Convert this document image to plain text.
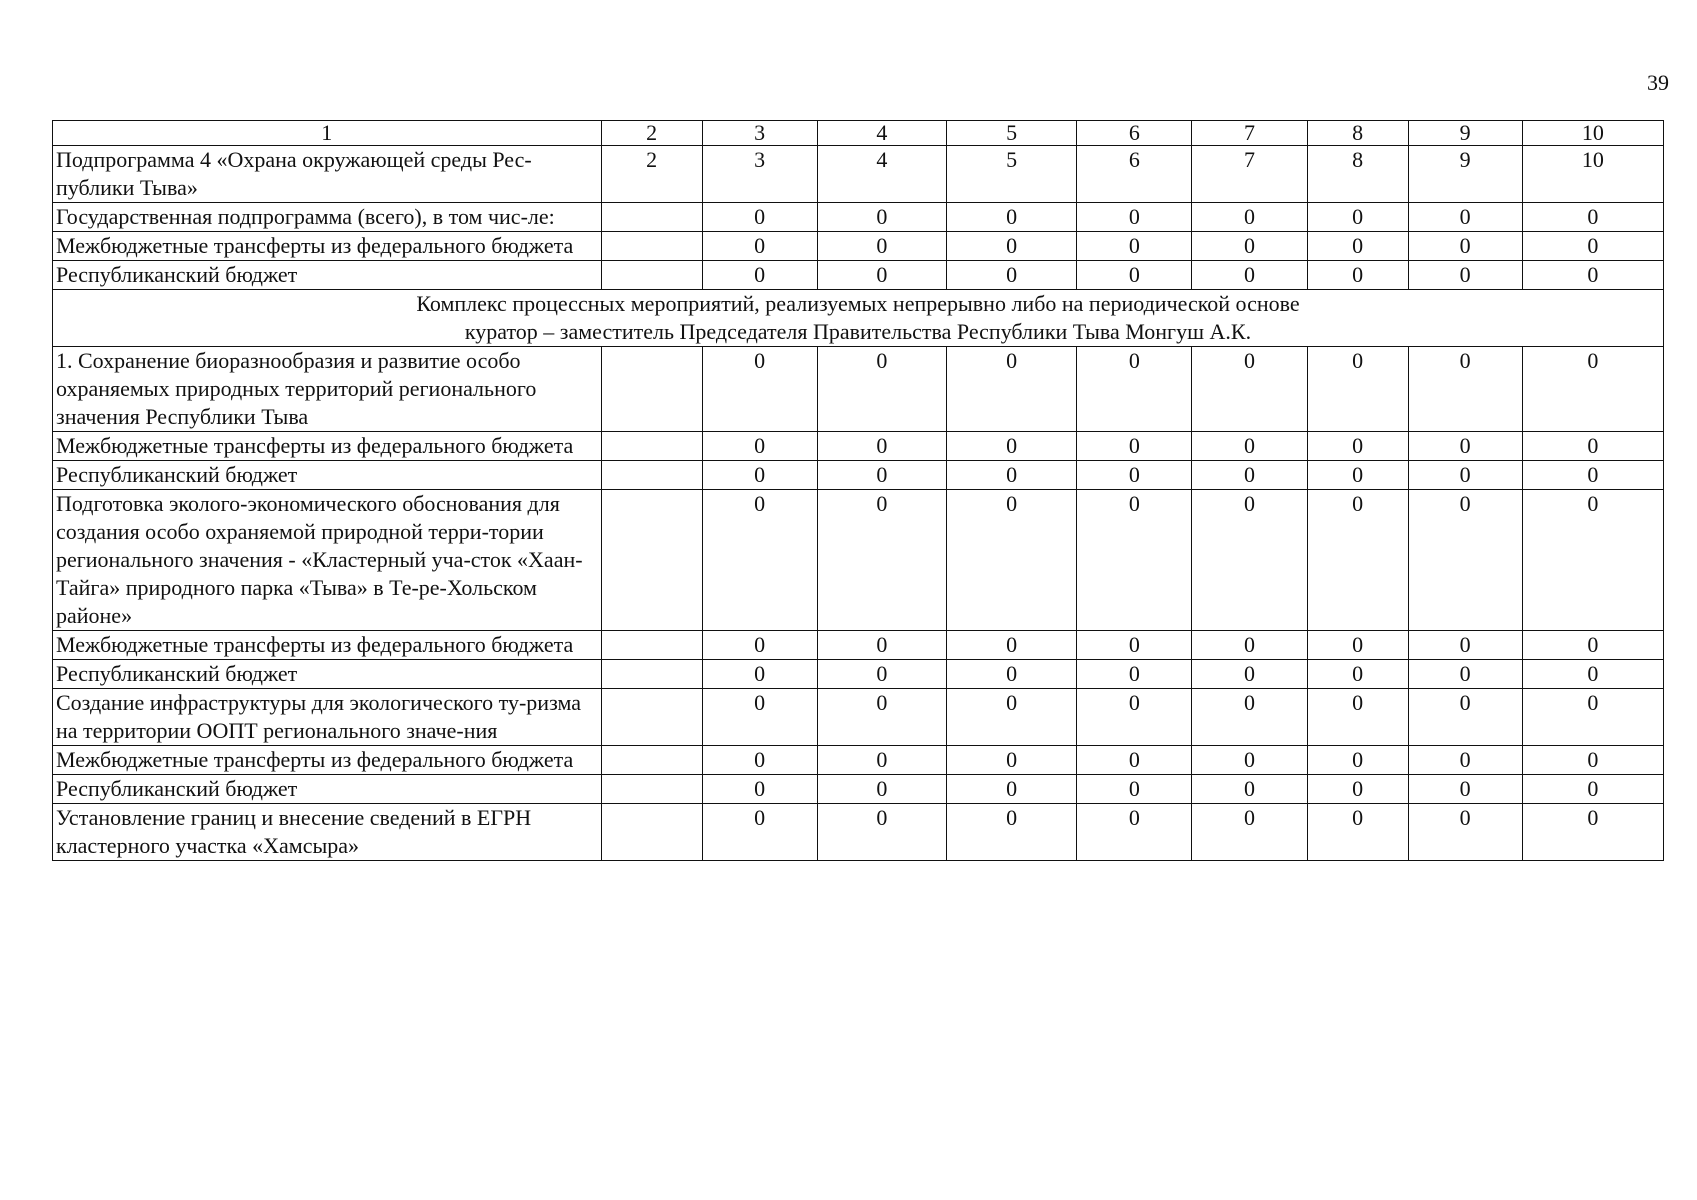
39
1	2	3	4	5	6	7	8	9	10
Подпрограмма 4 «Охрана окружающей среды Рес-публики Тыва»	2	3	4	5	6	7	8	9	10
Государственная подпрограмма (всего), в том чис-ле:		0	0	0	0	0	0	0	0
Межбюджетные трансферты из федерального бюджета		0	0	0	0	0	0	0	0
Республиканский бюджет		0	0	0	0	0	0	0	0

Комплекс процессных мероприятий, реализуемых непрерывно либо на периодической основе
куратор – заместитель Председателя Правительства Республики Тыва Монгуш А.К.									

1. Сохранение биоразнообразия и развитие особо охраняемых природных территорий регионального значения Республики Тыва		0	0	0	0	0	0	0	0
Межбюджетные трансферты из федерального бюджета		0	0	0	0	0	0	0	0
Республиканский бюджет		0	0	0	0	0	0	0	0
Подготовка эколого-экономического обоснования для создания особо охраняемой природной терри-тории регионального значения - «Кластерный уча-сток «Хаан-Тайга» природного парка «Тыва» в Те-ре-Хольском районе»		0	0	0	0	0	0	0	0
Межбюджетные трансферты из федерального бюджета		0	0	0	0	0	0	0	0
Республиканский бюджет		0	0	0	0	0	0	0	0
Создание инфраструктуры для экологического ту-ризма на территории ООПТ регионального значе-ния		0	0	0	0	0	0	0	0
Межбюджетные трансферты из федерального бюджета		0	0	0	0	0	0	0	0
Республиканский бюджет		0	0	0	0	0	0	0	0
Установление границ и внесение сведений в ЕГРН кластерного участка «Хамсыра»		0	0	0	0	0	0	0	0
